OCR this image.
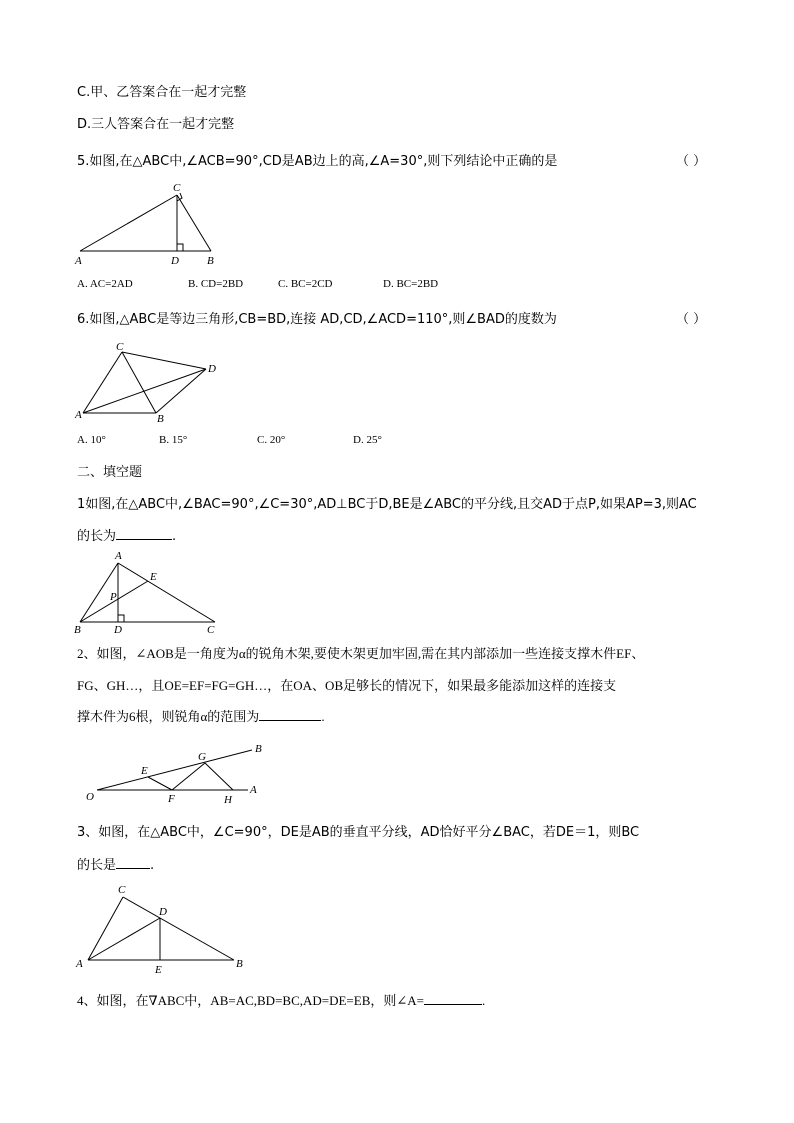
C.甲、乙答案合在一起才完整
D.三人答案合在一起才完整
5.如图,在△ABC中,∠ACB=90°,CD是AB边上的高,∠A=30°,则下列结论中正确的是	（ ）
C
A	D	B
A. AC=2AD	B. CD=2BD	C. BC=2CD	D. BC=2BD
6.如图,△ABC是等边三角形,CB=BD,连接 AD,CD,∠ACD=110°,则∠BAD的度数为	（ ）
C
D
A	B
A. 10°	B. 15°	C. 20°	D. 25°
二、填空题
1如图,在△ABC中,∠BAC=90°,∠C=30°,AD⊥BC于D,BE是∠ABC的平分线,且交AD于点P,如果AP=3,则AC
的长为	.
A
E
P
B	D	C
2、如图，∠AOB是一角度为α的锐角木架,要使木架更加牢固,需在其内部添加一些连接支撑木件EF、
FG、GH…，且OE=EF=FG=GH…，在OA、OB足够长的情况下，如果最多能添加这样的连接支
撑木件为6根，则锐角α的范围为	.
O
E
F
G
H
A
B
3、如图，在△ABC中，∠C=90°，DE是AB的垂直平分线，AD恰好平分∠BAC，若DE＝1，则BC
的长是	.
C
D
A	E	B
4、如图，在∇ABC中，AB=AC,BD=BC,AD=DE=EB，则∠A=	.
